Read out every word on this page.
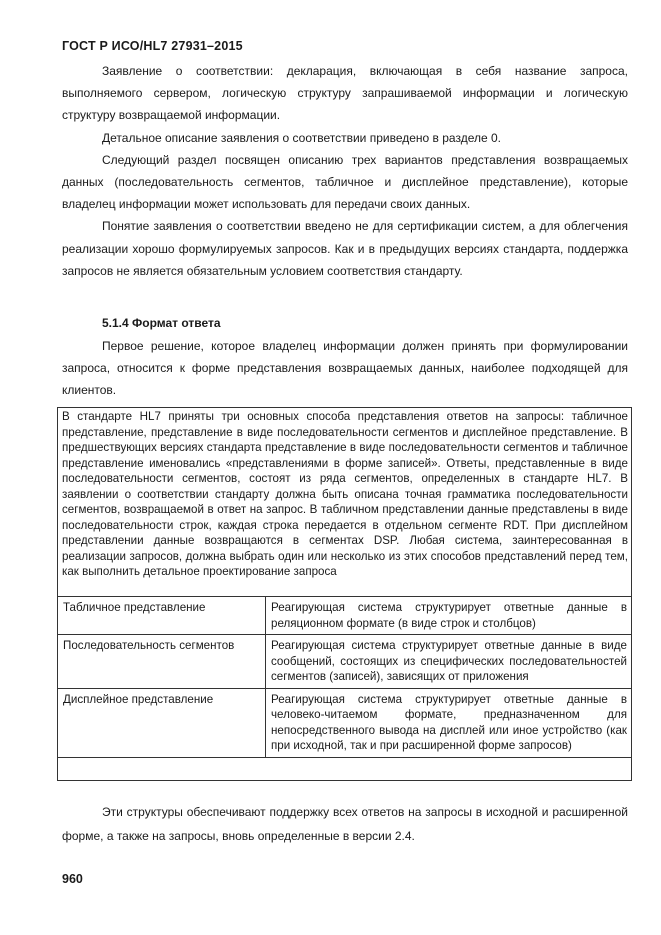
ГОСТ Р ИСО/HL7 27931–2015

Заявление о соответствии: декларация, включающая в себя название запроса, выполняемого сервером, логическую структуру запрашиваемой информации и логическую структуру возвращаемой информации.

Детальное описание заявления о соответствии приведено в разделе 0.

Следующий раздел посвящен описанию трех вариантов представления возвращаемых данных (последовательность сегментов, табличное и дисплейное представление), которые владелец информации может использовать для передачи своих данных.

Понятие заявления о соответствии введено не для сертификации систем, а для облегчения реализации хорошо формулируемых запросов. Как и в предыдущих версиях стандарта, поддержка запросов не является обязательным условием соответствия стандарту.

5.1.4 Формат ответа

Первое решение, которое владелец информации должен принять при формулировании запроса, относится к форме представления возвращаемых данных, наиболее подходящей для клиентов.

В стандарте HL7 приняты три основных способа представления ответов на запросы: табличное представление, представление в виде последовательности сегментов и дисплейное представление. В предшествующих версиях стандарта представление в виде последовательности сегментов и табличное представление именовались «представлениями в форме записей». Ответы, представленные в виде последовательности сегментов, состоят из ряда сегментов, определенных в стандарте HL7. В заявлении о соответствии стандарту должна быть описана точная грамматика последовательности сегментов, возвращаемой в ответ на запрос. В табличном представлении данные представлены в виде последовательности строк, каждая строка передается в отдельном сегменте RDT. При дисплейном представлении данные возвращаются в сегментах DSP. Любая система, заинтересованная в реализации запросов, должна выбрать один или несколько из этих способов представлений перед тем, как выполнить детальное проектирование запроса
Табличное представление	Реагирующая система структурирует ответные данные в реляционном формате (в виде строк и столбцов)
Последовательность сегментов	Реагирующая система структурирует ответные данные в виде сообщений, состоящих из специфических последовательностей сегментов (записей), зависящих от приложения
Дисплейное представление	Реагирующая система структурирует ответные данные в человеко-читаемом формате, предназначенном для непосредственного вывода на дисплей или иное устройство (как при исходной, так и при расширенной форме запросов)

Эти структуры обеспечивают поддержку всех ответов на запросы в исходной и расширенной форме, а также на запросы, вновь определенные в версии 2.4.

960
